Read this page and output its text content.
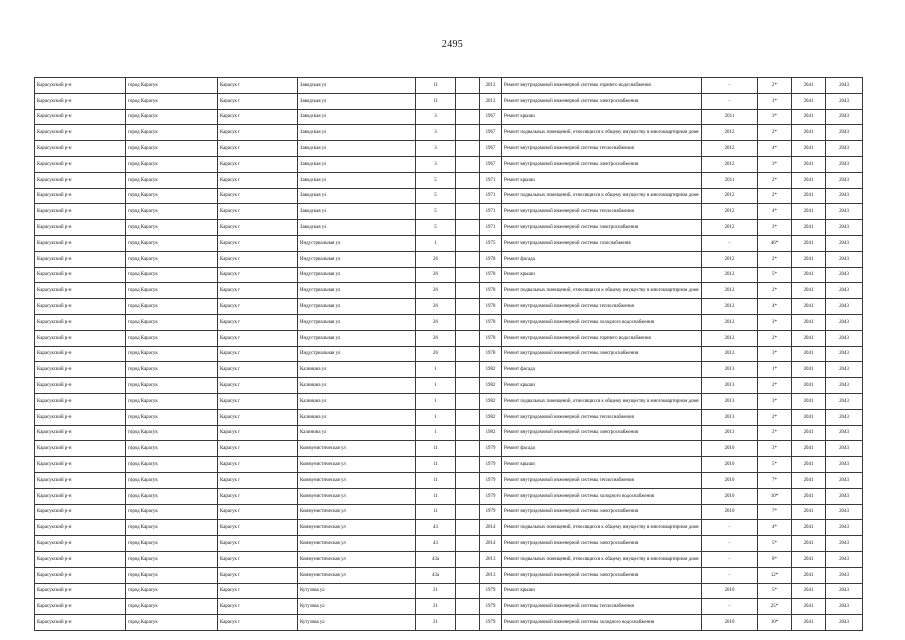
2495
Карасукский р-н	город Карасук	Карасук г	Заводская ул	11		2012	Ремонт внутридомовой инженерной системы горячего водоснабжения	-	2*	2041	2043
Карасукский р-н	город Карасук	Карасук г	Заводская ул	11		2012	Ремонт внутридомовой инженерной системы электроснабжения	-	3*	2041	2043
Карасукский р-н	город Карасук	Карасук г	Заводская ул	3		1967	Ремонт крыши	2011	3*	2041	2043
Карасукский р-н	город Карасук	Карасук г	Заводская ул	3		1967	Ремонт подвальных помещений, относящихся к общему имуществу в многоквартирном доме	2012	2*	2041	2043
Карасукский р-н	город Карасук	Карасук г	Заводская ул	3		1967	Ремонт внутридомовой инженерной системы теплоснабжения	2012	4*	2041	2043
Карасукский р-н	город Карасук	Карасук г	Заводская ул	3		1967	Ремонт внутридомовой инженерной системы электроснабжения	2012	3*	2041	2043
Карасукский р-н	город Карасук	Карасук г	Заводская ул	5		1971	Ремонт крыши	2011	2*	2041	2043
Карасукский р-н	город Карасук	Карасук г	Заводская ул	5		1971	Ремонт подвальных помещений, относящихся к общему имуществу в многоквартирном доме	2012	2*	2041	2043
Карасукский р-н	город Карасук	Карасук г	Заводская ул	5		1971	Ремонт внутридомовой инженерной системы теплоснабжения	2012	4*	2041	2043
Карасукский р-н	город Карасук	Карасук г	Заводская ул	5		1971	Ремонт внутридомовой инженерной системы электроснабжения	2012	3*	2041	2043
Карасукский р-н	город Карасук	Карасук г	Индустриальная ул	1		1975	Ремонт внутридомовой инженерной системы газоснабжения	-	46*	2041	2043
Карасукский р-н	город Карасук	Карасук г	Индустриальная ул	26		1978	Ремонт фасада	2012	2*	2041	2043
Карасукский р-н	город Карасук	Карасук г	Индустриальная ул	26		1978	Ремонт крыши	2012	5*	2041	2043
Карасукский р-н	город Карасук	Карасук г	Индустриальная ул	26		1978	Ремонт подвальных помещений, относящихся к общему имуществу в многоквартирном доме	2012	2*	2041	2043
Карасукский р-н	город Карасук	Карасук г	Индустриальная ул	26		1978	Ремонт внутридомовой инженерной системы теплоснабжения	2012	4*	2041	2043
Карасукский р-н	город Карасук	Карасук г	Индустриальная ул	26		1978	Ремонт внутридомовой инженерной системы холодного водоснабжения	2012	3*	2041	2043
Карасукский р-н	город Карасук	Карасук г	Индустриальная ул	26		1978	Ремонт внутридомовой инженерной системы горячего водоснабжения	2012	2*	2041	2043
Карасукский р-н	город Карасук	Карасук г	Индустриальная ул	26		1978	Ремонт внутридомовой инженерной системы электроснабжения	2012	3*	2041	2043
Карасукский р-н	город Карасук	Карасук г	Калинина ул	1		1982	Ремонт фасада	2013	1*	2041	2043
Карасукский р-н	город Карасук	Карасук г	Калинина ул	1		1982	Ремонт крыши	2013	2*	2041	2043
Карасукский р-н	город Карасук	Карасук г	Калинина ул	1		1982	Ремонт подвальных помещений, относящихся к общему имуществу в многоквартирном доме	2013	3*	2041	2043
Карасукский р-н	город Карасук	Карасук г	Калинина ул	1		1982	Ремонт внутридомовой инженерной системы теплоснабжения	2013	2*	2041	2043
Карасукский р-н	город Карасук	Карасук г	Калинина ул	1		1982	Ремонт внутридомовой инженерной системы электроснабжения	2013	2*	2041	2043
Карасукский р-н	город Карасук	Карасук г	Коммунистическая ул	11		1979	Ремонт фасада	2010	3*	2041	2043
Карасукский р-н	город Карасук	Карасук г	Коммунистическая ул	11		1979	Ремонт крыши	2010	5*	2041	2043
Карасукский р-н	город Карасук	Карасук г	Коммунистическая ул	11		1979	Ремонт внутридомовой инженерной системы теплоснабжения	2010	7*	2041	2043
Карасукский р-н	город Карасук	Карасук г	Коммунистическая ул	11		1979	Ремонт внутридомовой инженерной системы холодного водоснабжения	2010	10*	2041	2043
Карасукский р-н	город Карасук	Карасук г	Коммунистическая ул	11		1979	Ремонт внутридомовой инженерной системы электроснабжения	2010	7*	2041	2043
Карасукский р-н	город Карасук	Карасук г	Коммунистическая ул	43		2014	Ремонт подвальных помещений, относящихся к общему имуществу в многоквартирном доме	-	4*	2041	2043
Карасукский р-н	город Карасук	Карасук г	Коммунистическая ул	43		2014	Ремонт внутридомовой инженерной системы электроснабжения	-	5*	2041	2043
Карасукский р-н	город Карасук	Карасук г	Коммунистическая ул	43а		2013	Ремонт подвальных помещений, относящихся к общему имуществу в многоквартирном доме	-	8*	2041	2043
Карасукский р-н	город Карасук	Карасук г	Коммунистическая ул	43а		2013	Ремонт внутридомовой инженерной системы электроснабжения	-	12*	2041	2043
Карасукский р-н	город Карасук	Карасук г	Кутузова ул	21		1979	Ремонт крыши	2010	5*	2041	2043
Карасукский р-н	город Карасук	Карасук г	Кутузова ул	21		1979	Ремонт внутридомовой инженерной системы теплоснабжения	-	25*	2041	2043
Карасукский р-н	город Карасук	Карасук г	Кутузова ул	21		1979	Ремонт внутридомовой инженерной системы холодного водоснабжения	2010	10*	2041	2043
